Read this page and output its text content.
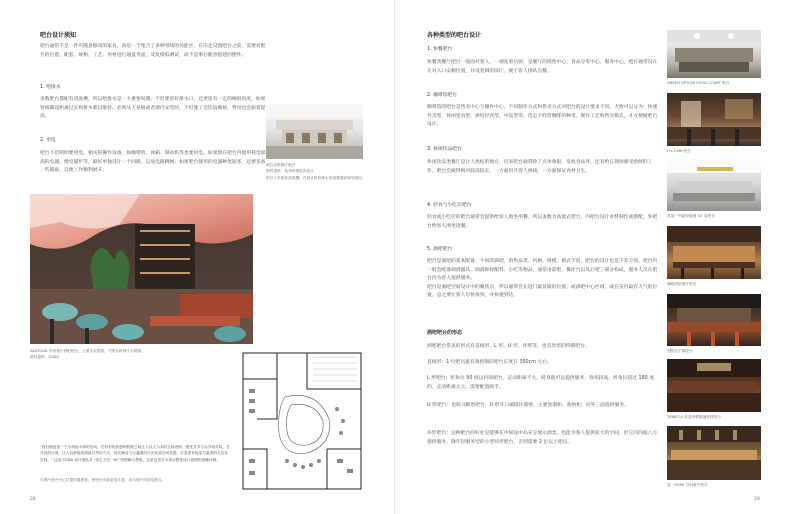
吧台设计须知
吧台通常不是一件可随意移动的家具，而是一个集合了多种管线的功能区，在决定设置吧台之前，需要对吧台的位置、配套、规格、工艺、用材进行通盘考虑，反复模拟测试，而不是事后随意搭建的摆件。
1. 给排水
多数吧台都配有清洗槽，所以给排水是一大重要问题。不但要留好排水口，还要留有一定的倾斜角度，如果管线铺设距离过长则排水难以维持。必须从天花板或者墙内安装时，不但施工会比较麻烦，费用也会跟着提高。
2. 用电
吧台不但照明要用电，相关的操作设备，如咖啡机、冰箱、制冰机等也要用电。如果想在吧台内使用耗电量高的电器，像电磁炉等，最好单独设计一个回路，以免电路跳闸。如果吧台使用的电器种类较多，还要多备一些插座，以便工作顺利展开。
源自京都餐厅吧台
资料提供：杭州玛瑞装饰设计
吧台大多配有清洗槽，在设计时给排水管道要提前规划到位。
AKATOAD 多者餐厅酒吧吧台，上图为实景图，下图为该餐厅平面图。
资料提供：SODA
"我们理创造一个丰润而丰厚的空间，在材料的质感和肌理之间注入以人为本的空间表情，感受共享与众享和共鸣，在开放的区域，让人们都能找到最自然的方式，用充满活力与温暖的灯光营造空间氛围，打造更有能量与温度的人性化空间。" 这是 SODA 设计团队对 "疫生天空一角" 的理解与想象。这里也是对本项目整体设计意图的清晰诠释。
在餐厅吧台中心位置安置展柜，使吧台功能更加丰富，成为餐厅的视觉焦点。
28
各种类型的吧台设计
1. 快餐吧台
快餐类餐厅吧台一般面对客人，一端连着后厨，是餐厅的销售中心、食品分发中心、服务中心。吧台通常设在正对入口安顿位置，并设宽阔的前厅，便于客人排队点餐。
2. 咖啡馆吧台
咖啡馆的吧台是售卖中心与操作中心，不同制作方式和售卖方式对吧台的设计要求不同。大致可以分为：快速外卖型、休闲堂食型、烘焙轻食型、中岛型等。选定下经营咖啡的种类、制作工艺和售卖模式，才方便做吧台设计。
3. 休闲饮品吧台
休闲饮品类餐厅是让人放松的地方，近来吧台通常除了点单收银、发放食品外，还有给在现场感受新鲜的工作。吧台会做得相对较高较长，一方面用开客人视线，一方面保证食材卫生。
4. 轻食与小吃店吧台
轻食或小吃店的吧台通常会提供给客人围坐用餐，所以多数为高低式吧台，内吧台设计食材制作或摆配，外吧台给客人围坐进餐。
5. 酒吧吧台
吧台是酒吧的基本配备，不同的酒吧，销售品类、风格、规模、模式不同，吧台的设计也是千差万别。吧台内一般会配备调酒器具、调酒师材配料、小吃等物品，通常由前吧、操作台以及后吧三部分构成，服务人员在吧台内为客人提供服务。
吧台是酒吧空间设计中的聚焦点，所以通常会在进门最显眼的位置，或酒吧中心区域，或在室内最有人气的位置，总之要让客人尽快找到，并快捷到达。
酒吧吧台的形态
酒吧吧台常见的形式有直线形、L 形、U 形、环形等，也有异形的特制吧台。
直线形：1 位吧员最有效控制的吧台长度在 350cm 左右。
L 形吧台：折角位 90 度以内的吧台，走动距离不大，转身就可以提供服务，效率较高。折角位超过 180 度的，走动距离太大，需要配置助手。
U 形吧台：也叫马蹄形吧台，U 形开口端抵住墙壁，主要放酒柜、收纳柜，向外三面提供服务。
环形吧台：这种吧台的好处是能够在中间设中岛充分展示酒类，也能为客人提供较大的空间，但它向四面八方提供服务，降年轻服务型的小型环形吧台，否则需要 2 位以上吧员。
GREEN OPTION FOOD COURT 吧台
H's Café 吧台
喜茶广州超甲级网 GF 店吧台
咖啡烘焙餐厅吧台
别酌位于隧吧台
TRIBECA 美茶消费微融资料吧台
富 · SORA 日料餐厅吧台
29
